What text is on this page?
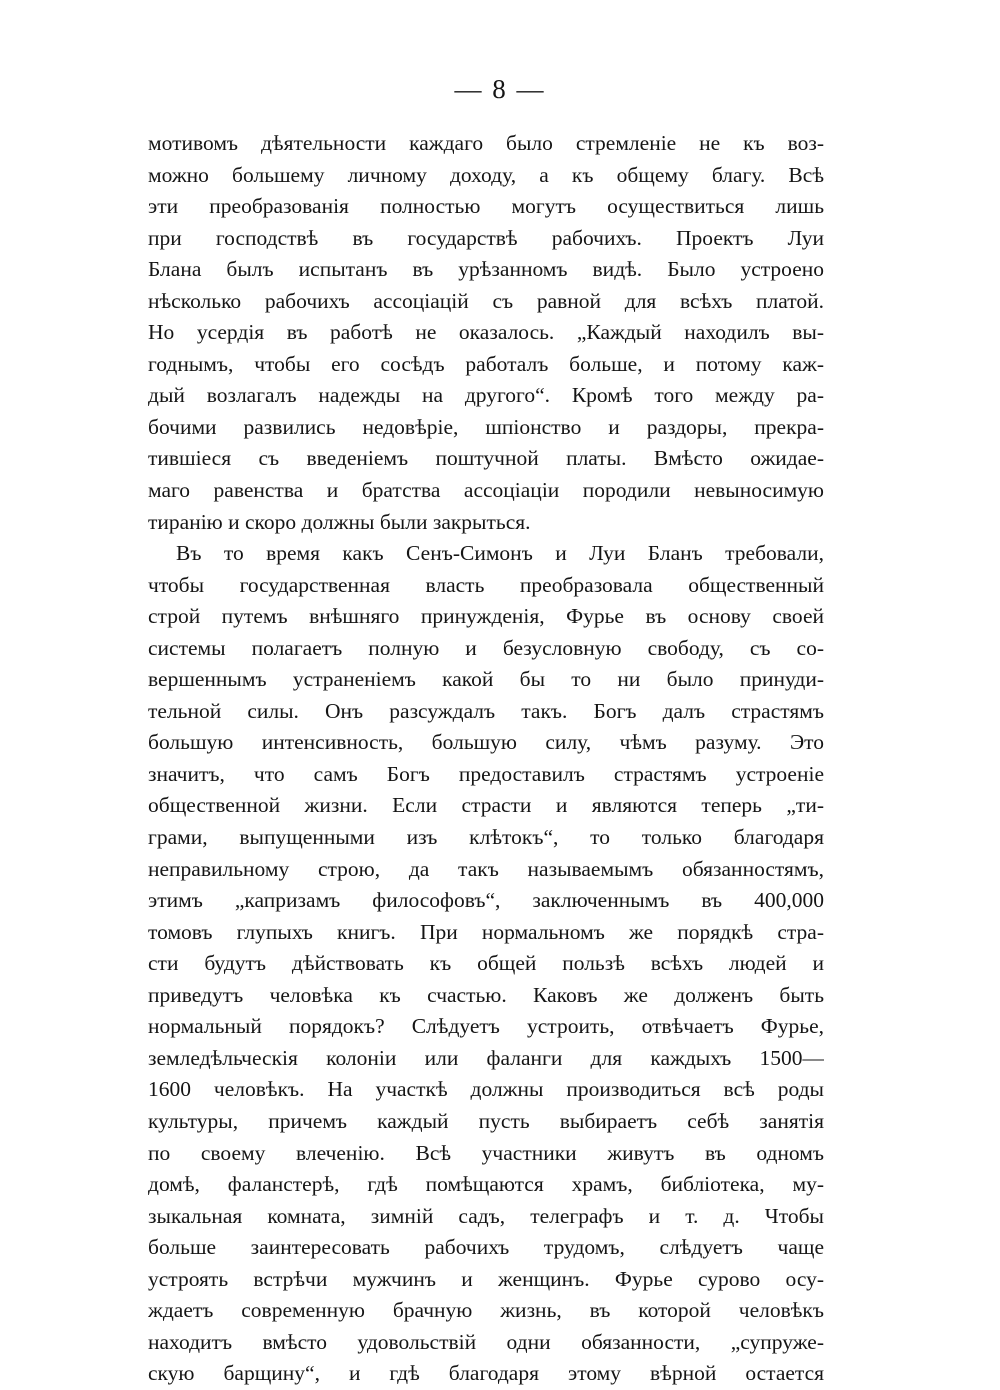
— 8 —
мотивомъ дѣятельности каждаго было стремленіе не къ воз-
можно большему личному доходу, а къ общему благу. Всѣ
эти преобразованія полностью могутъ осуществиться лишь
при господствѣ въ государствѣ рабочихъ. Проектъ Луи
Блана былъ испытанъ въ урѣзанномъ видѣ. Было устроено
нѣсколько рабочихъ ассоціацій съ равной для всѣхъ платой.
Но усердія въ работѣ не оказалось. „Каждый находилъ вы-
годнымъ, чтобы его сосѣдъ работалъ больше, и потому каж-
дый возлагалъ надежды на другого“. Кромѣ того между ра-
бочими развились недовѣріе, шпіонство и раздоры, прекра-
тившіеся съ введеніемъ поштучной платы. Вмѣсто ожидае-
маго равенства и братства ассоціаціи породили невыносимую
тиранію и скоро должны были закрыться.
Въ то время какъ Сенъ-Симонъ и Луи Бланъ требовали,
чтобы государственная власть преобразовала общественный
строй путемъ внѣшняго принужденія, Фурье въ основу своей
системы полагаетъ полную и безусловную свободу, съ со-
вершеннымъ устраненіемъ какой бы то ни было принуди-
тельной силы. Онъ разсуждалъ такъ. Богъ далъ страстямъ
большую интенсивность, большую силу, чѣмъ разуму. Это
значитъ, что самъ Богъ предоставилъ страстямъ устроеніе
общественной жизни. Если страсти и являются теперь „ти-
грами, выпущенными изъ клѣтокъ“, то только благодаря
неправильному строю, да такъ называемымъ обязанностямъ,
этимъ „капризамъ философовъ“, заключеннымъ въ 400,000
томовъ глупыхъ книгъ. При нормальномъ же порядкѣ стра-
сти будутъ дѣйствовать къ общей пользѣ всѣхъ людей и
приведутъ человѣка къ счастью. Каковъ же долженъ быть
нормальный порядокъ? Слѣдуетъ устроить, отвѣчаетъ Фурье,
земледѣльческія колоніи или фаланги для каждыхъ 1500—
1600 человѣкъ. На участкѣ должны производиться всѣ роды
культуры, причемъ каждый пусть выбираетъ себѣ занятія
по своему влеченію. Всѣ участники живутъ въ одномъ
домѣ, фаланстерѣ, гдѣ помѣщаются храмъ, библіотека, му-
зыкальная комната, зимній садъ, телеграфъ и т. д. Чтобы
больше заинтересовать рабочихъ трудомъ, слѣдуетъ чаще
устроять встрѣчи мужчинъ и женщинъ. Фурье сурово осу-
ждаетъ современную брачную жизнь, въ которой человѣкъ
находитъ вмѣсто удовольствій одни обязанности, „супруже-
скую барщину“, и гдѣ благодаря этому вѣрной остается
